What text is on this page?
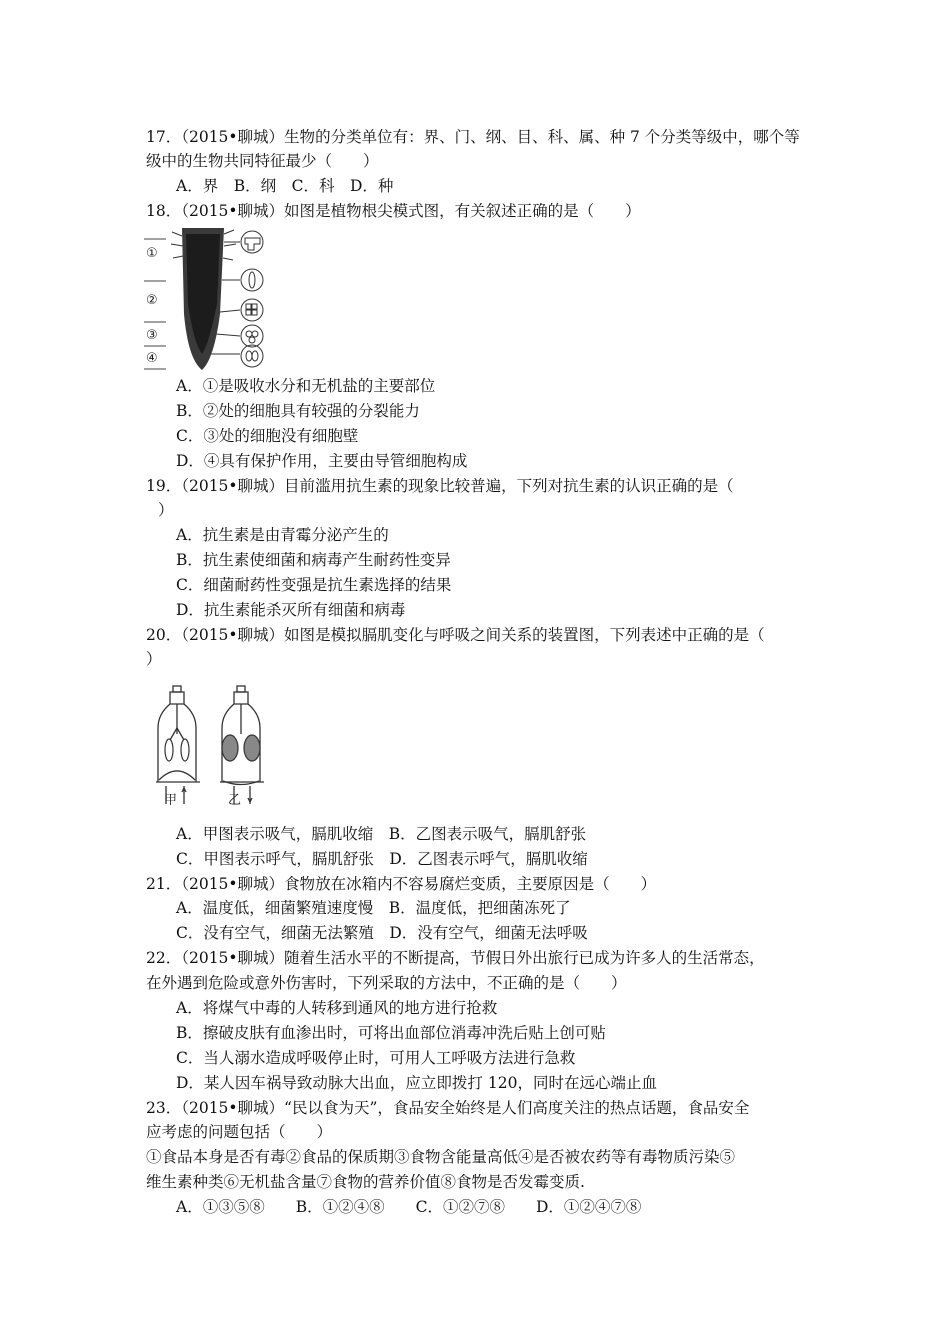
17．（2015•聊城）生物的分类单位有：界、门、纲、目、科、属、种 7 个分类等级中，哪个等
级中的生物共同特征最少（　　）
A．界　B．纲　C．科　D．种
18．（2015•聊城）如图是植物根尖模式图，有关叙述正确的是（　　）
①
②
③
④
A．①是吸收水分和无机盐的主要部位
B．②处的细胞具有较强的分裂能力
C．③处的细胞没有细胞壁
D．④具有保护作用，主要由导管细胞构成
19．（2015•聊城）目前滥用抗生素的现象比较普遍，下列对抗生素的认识正确的是（
）
A．抗生素是由青霉分泌产生的
B．抗生素使细菌和病毒产生耐药性变异
C．细菌耐药性变强是抗生素选择的结果
D．抗生素能杀灭所有细菌和病毒
20．（2015•聊城）如图是模拟膈肌变化与呼吸之间关系的装置图，下列表述中正确的是（
）
甲	乙
A．甲图表示吸气，膈肌收缩　B．乙图表示吸气，膈肌舒张
C．甲图表示呼气，膈肌舒张　D．乙图表示呼气，膈肌收缩
21．（2015•聊城）食物放在冰箱内不容易腐烂变质，主要原因是（　　）
A．温度低，细菌繁殖速度慢　B．温度低，把细菌冻死了
C．没有空气，细菌无法繁殖　D．没有空气，细菌无法呼吸
22．（2015•聊城）随着生活水平的不断提高，节假日外出旅行已成为许多人的生活常态，
在外遇到危险或意外伤害时，下列采取的方法中，不正确的是（　　）
A．将煤气中毒的人转移到通风的地方进行抢救
B．擦破皮肤有血渗出时，可将出血部位消毒冲洗后贴上创可贴
C．当人溺水造成呼吸停止时，可用人工呼吸方法进行急救
D．某人因车祸导致动脉大出血，应立即拨打 120，同时在远心端止血
23．（2015•聊城）“民以食为天”，食品安全始终是人们高度关注的热点话题，食品安全
应考虑的问题包括（　　）
①食品本身是否有毒②食品的保质期③食物含能量高低④是否被农药等有毒物质污染⑤
维生素种类⑥无机盐含量⑦食物的营养价值⑧食物是否发霉变质.
A．①③⑤⑧　　B．①②④⑧　　C．①②⑦⑧　　D．①②④⑦⑧
